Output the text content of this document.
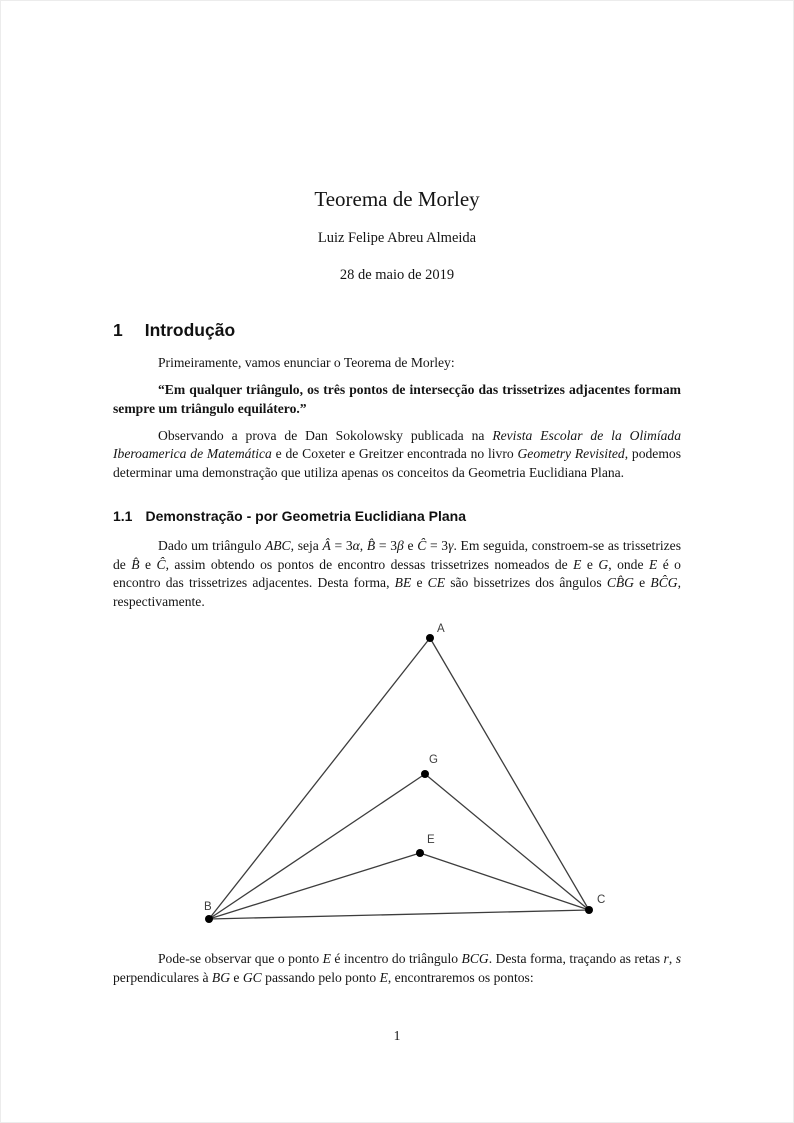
Teorema de Morley
Luiz Felipe Abreu Almeida
28 de maio de 2019
1 Introdução

Primeiramente, vamos enunciar o Teorema de Morley:

“Em qualquer triângulo, os três pontos de intersecção das trissetrizes adjacentes formam sempre um triângulo equilátero.”

Observando a prova de Dan Sokolowsky publicada na Revista Escolar de la Olimíada Iberoamerica de Matemática e de Coxeter e Greitzer encontrada no livro Geometry Revisited, podemos determinar uma demonstração que utiliza apenas os conceitos da Geometria Euclidiana Plana.

1.1 Demonstração - por Geometria Euclidiana Plana

Dado um triângulo ABC, seja Â = 3α, B̂ = 3β e Ĉ = 3γ. Em seguida, constroem-se as trissetrizes de B̂ e Ĉ, assim obtendo os pontos de encontro dessas trissetrizes nomeados de E e G, onde E é o encontro das trissetrizes adjacentes. Desta forma, BE e CE são bissetrizes dos ângulos CB̂G e BĈG, respectivamente.

A
G
E
B
C

Pode-se observar que o ponto E é incentro do triângulo BCG. Desta forma, traçando as retas r, s perpendiculares à BG e GC passando pelo ponto E, encontraremos os pontos:

1
